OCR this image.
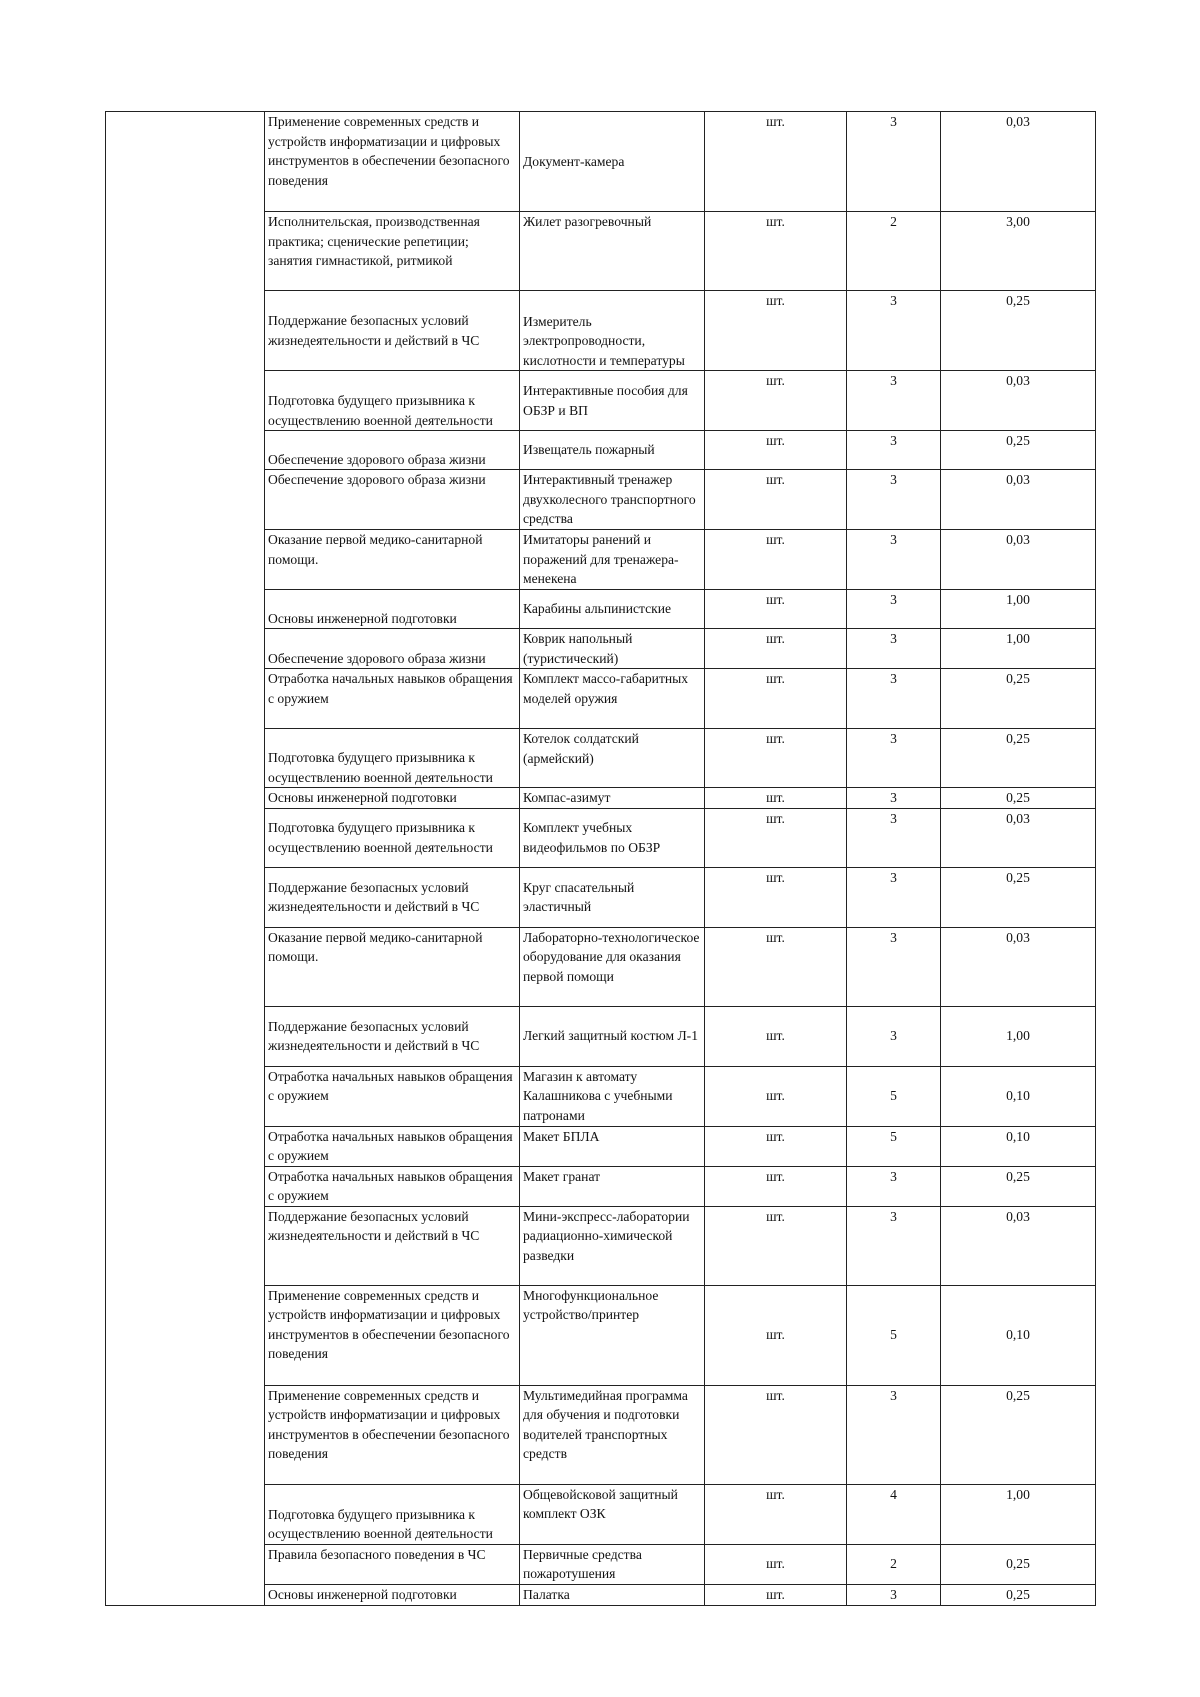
	Применение современных средств и устройств информатизации и цифровых инструментов в обеспечении безопасного поведения	Документ-камера	шт.	3	0,03
	Исполнительская, производственная практика; сценические репетиции; занятия гимнастикой, ритмикой	Жилет разогревочный	шт.	2	3,00
	Поддержание безопасных условий жизнедеятельности и действий в ЧС	Измеритель электропроводности, кислотности и температуры	шт.	3	0,25
	Подготовка будущего призывника к осуществлению военной деятельности	Интерактивные пособия для ОБЗР и ВП	шт.	3	0,03
	Обеспечение здорового образа жизни	Извещатель пожарный	шт.	3	0,25
	Обеспечение здорового образа жизни	Интерактивный тренажер двухколесного транспортного средства	шт.	3	0,03
	Оказание первой медико-санитарной помощи.	Имитаторы ранений и поражений для тренажера-менекена	шт.	3	0,03
	Основы инженерной подготовки	Карабины альпинистские	шт.	3	1,00
	Обеспечение здорового образа жизни	Коврик напольный (туристический)	шт.	3	1,00
	Отработка начальных навыков обращения с оружием	Комплект массо-габаритных моделей оружия	шт.	3	0,25
	Подготовка будущего призывника к осуществлению военной деятельности	Котелок солдатский (армейский)	шт.	3	0,25
	Основы инженерной подготовки	Компас-азимут	шт.	3	0,25
	Подготовка будущего призывника к осуществлению военной деятельности	Комплект учебных видеофильмов по ОБЗР	шт.	3	0,03
	Поддержание безопасных условий жизнедеятельности и действий в ЧС	Круг спасательный эластичный	шт.	3	0,25
	Оказание первой медико-санитарной помощи.	Лабораторно-технологическое оборудование для оказания первой помощи	шт.	3	0,03
	Поддержание безопасных условий жизнедеятельности и действий в ЧС	Легкий защитный костюм Л-1	шт.	3	1,00
	Отработка начальных навыков обращения с оружием	Магазин к автомату Калашникова с учебными патронами	шт.	5	0,10
	Отработка начальных навыков обращения с оружием	Макет БПЛА	шт.	5	0,10
	Отработка начальных навыков обращения с оружием	Макет гранат	шт.	3	0,25
	Поддержание безопасных условий жизнедеятельности и действий в ЧС	Мини-экспресс-лаборатории радиационно-химической разведки	шт.	3	0,03
	Применение современных средств и устройств информатизации и цифровых инструментов в обеспечении безопасного поведения	Многофункциональное устройство/принтер	шт.	5	0,10
	Применение современных средств и устройств информатизации и цифровых инструментов в обеспечении безопасного поведения	Мультимедийная программа для обучения и подготовки водителей транспортных средств	шт.	3	0,25
	Подготовка будущего призывника к осуществлению военной деятельности	Общевойсковой защитный комплект ОЗК	шт.	4	1,00
	Правила безопасного поведения в ЧС	Первичные средства пожаротушения	шт.	2	0,25
	Основы инженерной подготовки	Палатка	шт.	3	0,25
